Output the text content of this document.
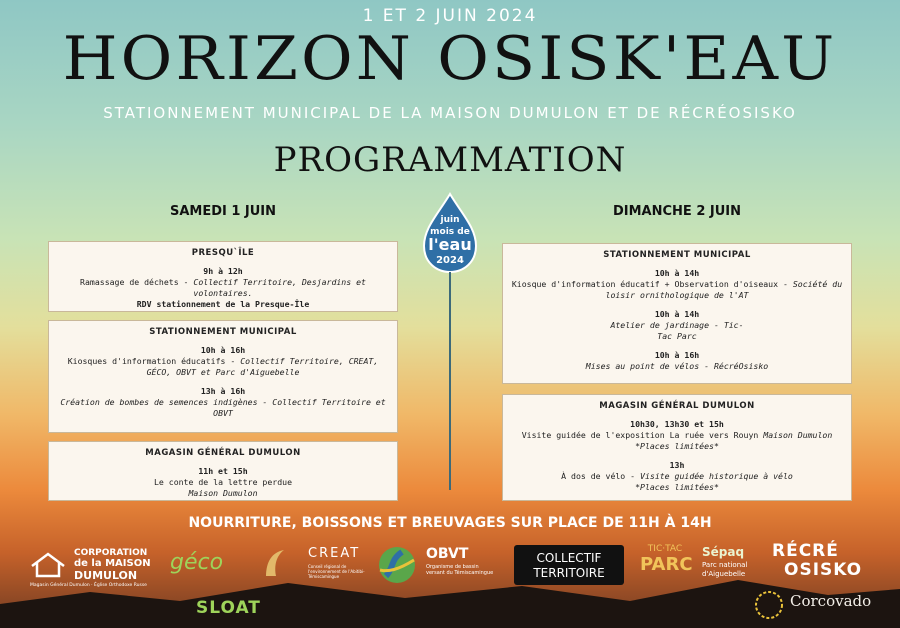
1 ET 2 JUIN 2024
HORIZON OSISK'EAU
STATIONNEMENT MUNICIPAL DE LA MAISON DUMULON ET DE RÉCRÉOSISKO
PROGRAMMATION
juin
mois de
l'eau
2024
SAMEDI 1 JUIN
PRESQU`ÎLE
9h à 12h
Ramassage de déchets - Collectif Territoire, Desjardins et volontaires.
RDV stationnement de la Presque-Île
STATIONNEMENT MUNICIPAL
10h à 16h
Kiosques d'information éducatifs - Collectif Territoire, CREAT, GÉCO, OBVT et Parc d'Aiguebelle
13h à 16h
Création de bombes de semences indigènes - Collectif Territoire et OBVT
MAGASIN GÉNÉRAL DUMULON
11h et 15h
Le conte de la lettre perdue
Maison Dumulon
DIMANCHE 2 JUIN
STATIONNEMENT MUNICIPAL
10h à 14h
Kiosque d'information éducatif + Observation d'oiseaux - Société du loisir ornithologique de l'AT
10h à 14h
Atelier de jardinage - Tic-Tac Parc
10h à 16h
Mises au point de vélos - RécréOsisko
MAGASIN GÉNÉRAL DUMULON
10h30, 13h30 et 15h
Visite guidée de l'exposition La ruée vers Rouyn Maison Dumulon
*Places limitées*
13h
À dos de vélo - Visite guidée historique à vélo
*Places limitées*
NOURRITURE, BOISSONS ET BREUVAGES SUR PLACE DE 11H À 14H
CORPORATION
de la MAISON
DUMULON
Magasin Général Dumulon · Église Orthodoxe Russe
géco	CREAT
Conseil régional de l'environnement de l'Abitibi-Témiscamingue
OBVT
Organisme de bassin versant du Témiscamingue
COLLECTIF
TERRITOIRE
TIC·TAC
PARC
Sépaq
Parc national d'Aiguebelle
RÉCRÉ
OSISKO
SLOAT	Corcovado
